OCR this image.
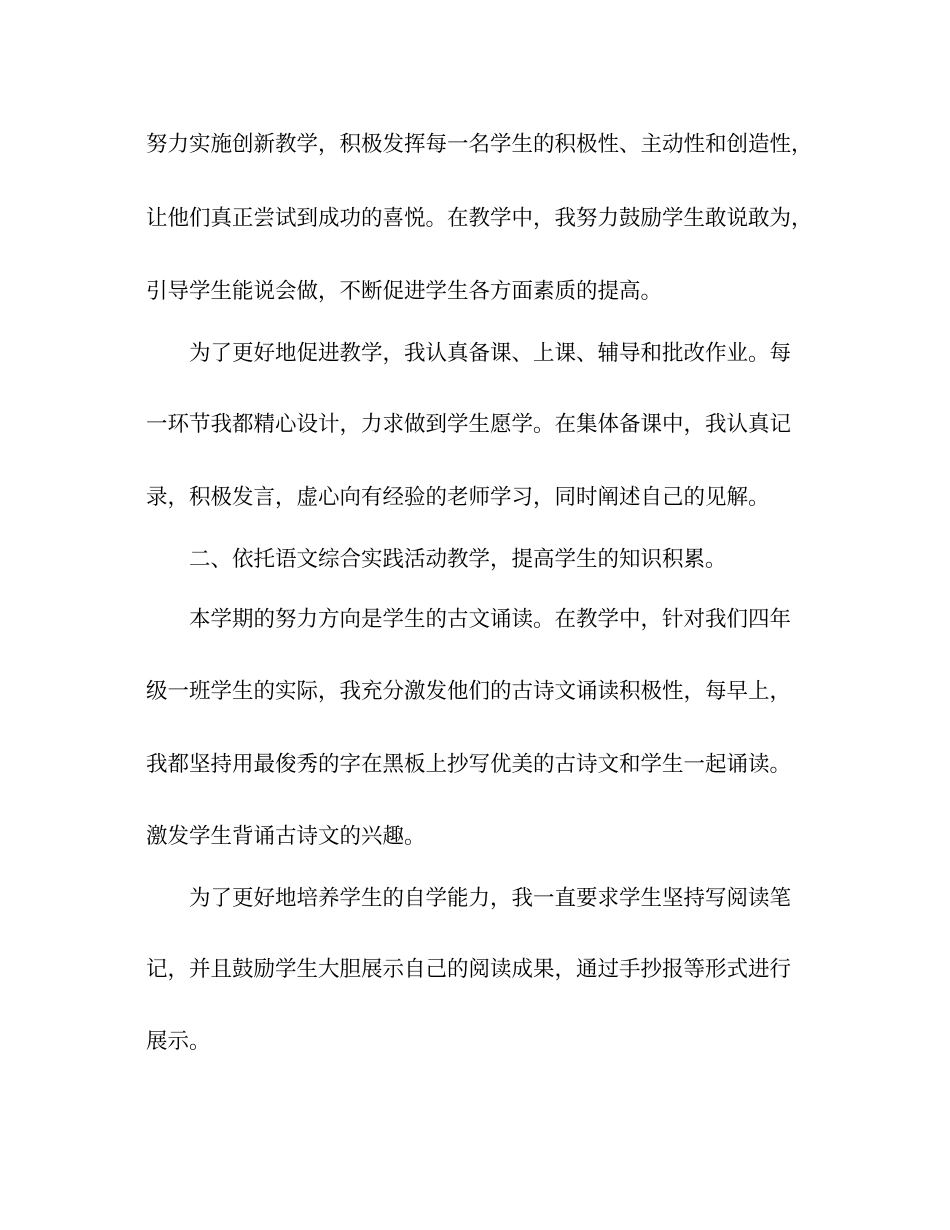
努力实施创新教学，积极发挥每一名学生的积极性、主动性和创造性，

让他们真正尝试到成功的喜悦。在教学中，我努力鼓励学生敢说敢为，

引导学生能说会做，不断促进学生各方面素质的提高。

为了更好地促进教学，我认真备课、上课、辅导和批改作业。每

一环节我都精心设计，力求做到学生愿学。在集体备课中，我认真记

录，积极发言，虚心向有经验的老师学习，同时阐述自己的见解。

二、依托语文综合实践活动教学，提高学生的知识积累。

本学期的努力方向是学生的古文诵读。在教学中，针对我们四年

级一班学生的实际，我充分激发他们的古诗文诵读积极性，每早上，

我都坚持用最俊秀的字在黑板上抄写优美的古诗文和学生一起诵读。

激发学生背诵古诗文的兴趣。

为了更好地培养学生的自学能力，我一直要求学生坚持写阅读笔

记，并且鼓励学生大胆展示自己的阅读成果，通过手抄报等形式进行

展示。
